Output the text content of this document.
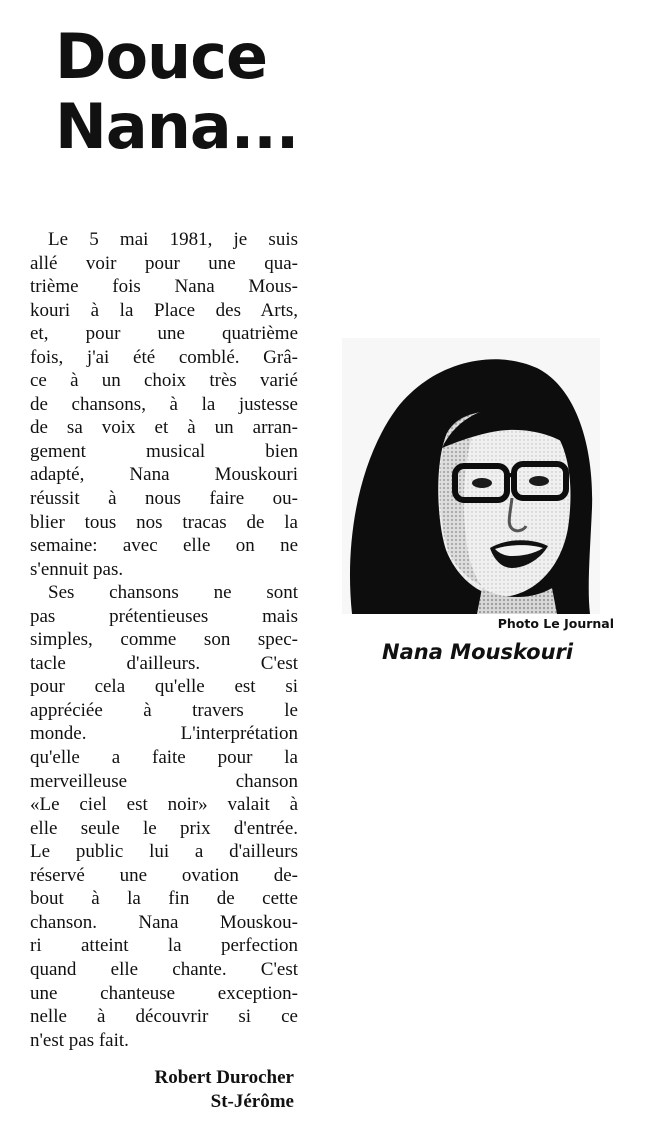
Douce
Nana...
Le 5 mai 1981, je suis
allé voir pour une qua-
trième fois Nana Mous-
kouri à la Place des Arts,
et, pour une quatrième
fois, j'ai été comblé. Grâ-
ce à un choix très varié
de chansons, à la justesse
de sa voix et à un arran-
gement musical bien
adapté, Nana Mouskouri
réussit à nous faire ou-
blier tous nos tracas de la
semaine: avec elle on ne
s'ennuit pas.
Ses chansons ne sont
pas prétentieuses mais
simples, comme son spec-
tacle d'ailleurs. C'est
pour cela qu'elle est si
appréciée à travers le
monde. L'interprétation
qu'elle a faite pour la
merveilleuse chanson
«Le ciel est noir» valait à
elle seule le prix d'entrée.
Le public lui a d'ailleurs
réservé une ovation de-
bout à la fin de cette
chanson. Nana Mouskou-
ri atteint la perfection
quand elle chante. C'est
une chanteuse exception-
nelle à découvrir si ce
n'est pas fait.
Robert Durocher
St-Jérôme
Photo Le Journal
Nana Mouskouri
